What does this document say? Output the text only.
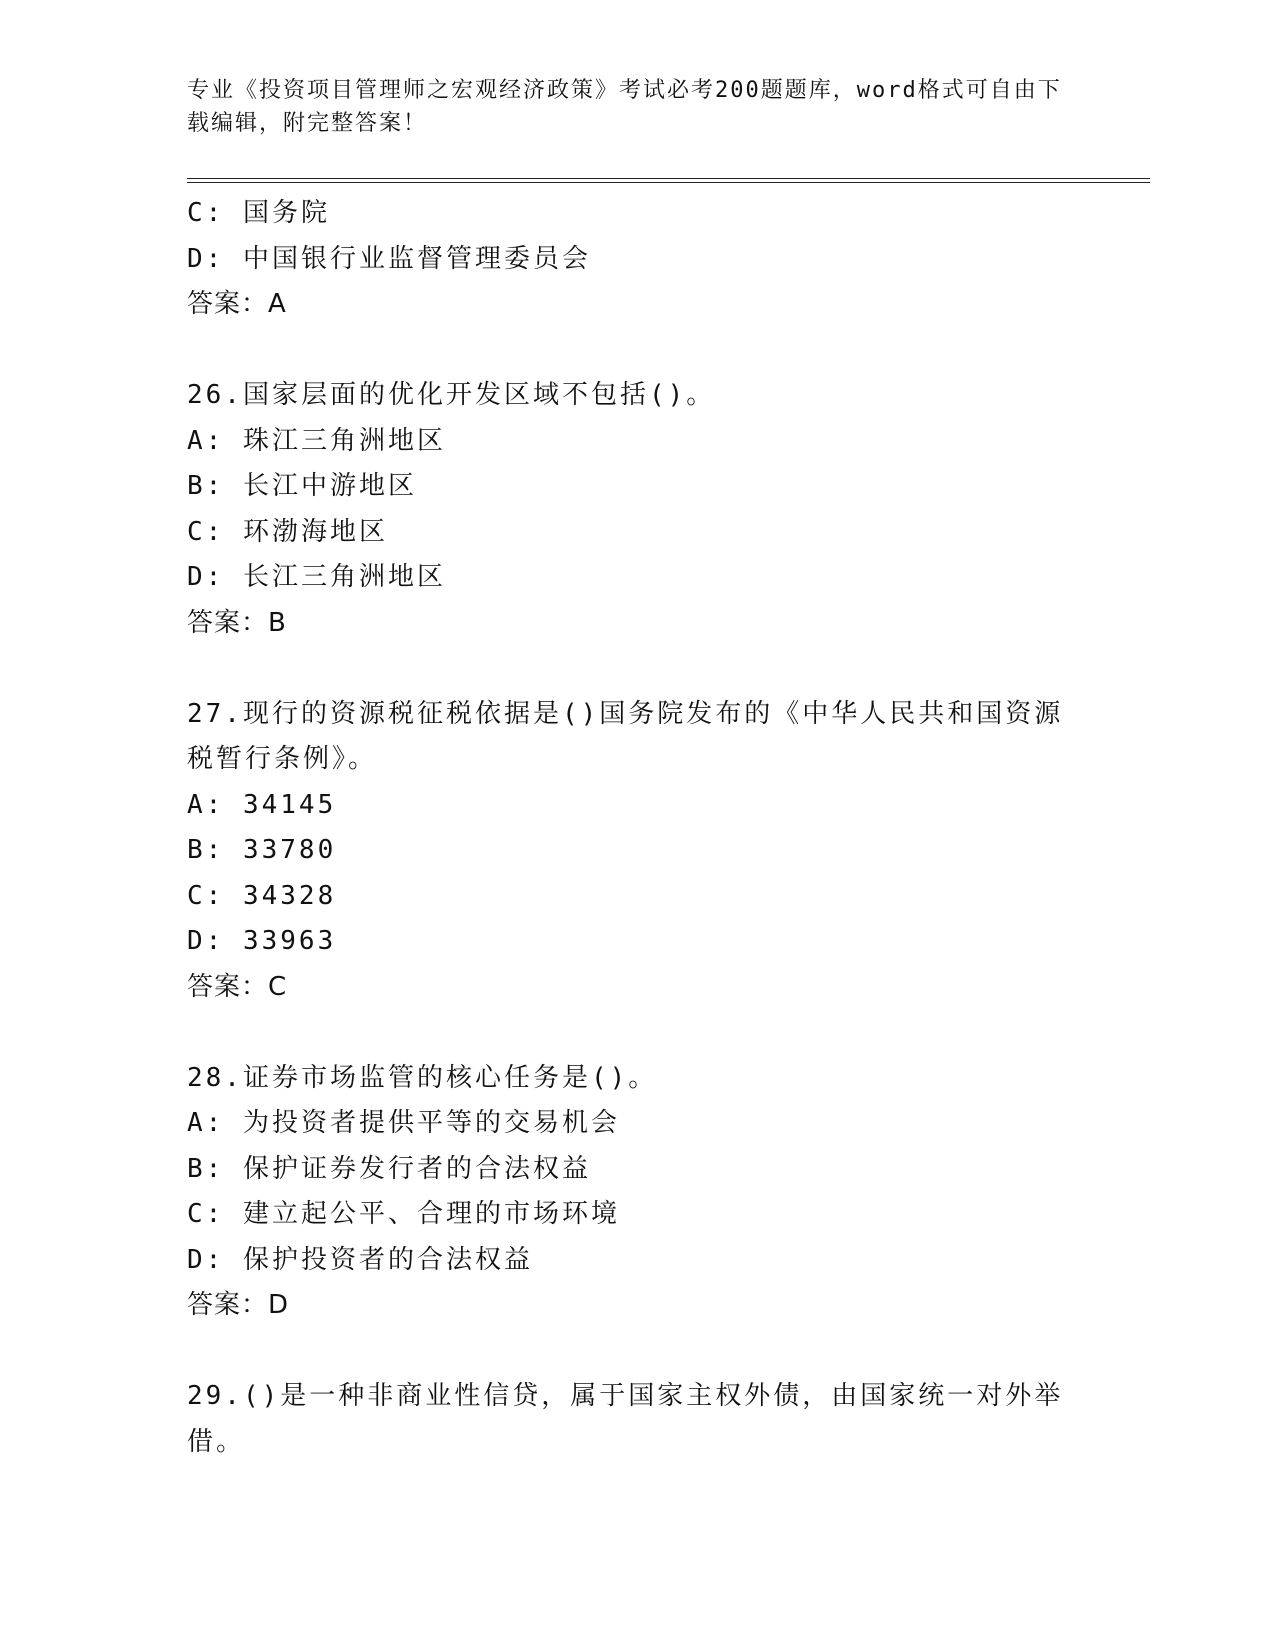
专业《投资项目管理师之宏观经济政策》考试必考200题题库，word格式可自由下载编辑，附完整答案！
C: 国务院
D: 中国银行业监督管理委员会
答案：A
26.国家层面的优化开发区域不包括()。
A: 珠江三角洲地区
B: 长江中游地区
C: 环渤海地区
D: 长江三角洲地区
答案：B
27.现行的资源税征税依据是()国务院发布的《中华人民共和国资源税暂行条例》。
A: 34145
B: 33780
C: 34328
D: 33963
答案：C
28.证券市场监管的核心任务是()。
A: 为投资者提供平等的交易机会
B: 保护证券发行者的合法权益
C: 建立起公平、合理的市场环境
D: 保护投资者的合法权益
答案：D
29.()是一种非商业性信贷，属于国家主权外债，由国家统一对外举借。
